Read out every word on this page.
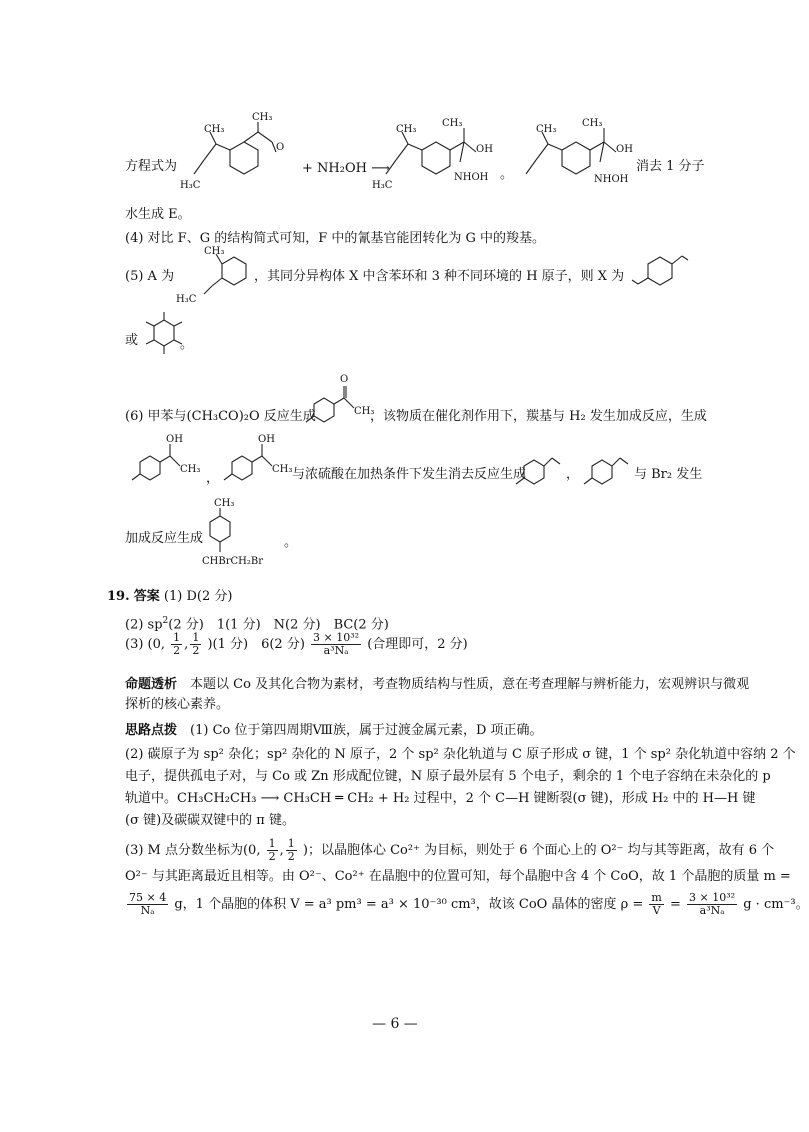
方程式为
CH₃
O
CH₃
H₃C
+ NH₂OH ⟶
CH₃
OH
NHOH
CH₃
H₃C
。
CH₃
OH
NHOH
CH₃
消去 1 分子
水生成 E。
(4) 对比 F、G 的结构简式可知，F 中的氰基官能团转化为 G 中的羧基。
(5) A 为
CH₃
H₃C
，其同分异构体 X 中含苯环和 3 种不同环境的 H 原子，则 X 为
或	。
(6) 甲苯与(CH₃CO)₂O 反应生成
O
CH₃
，该物质在催化剂作用下，羰基与 H₂ 发生加成反应，生成
OH
CH₃
，
OH
CH₃ 与浓硫酸在加热条件下发生消去反应生成	，	与 Br₂ 发生
加成反应生成
CH₃
CHBrCH₂Br
。
19. 答案 (1) D(2 分)
(2) $sp^2(2$ 分)　1(1 分)　N(2 分)　BC(2 分)
(3) (0, $\frac{1}{2}$ , $\frac{1}{2} )(1$ 分)　6(2 分) $\frac{\text{3 × 10³²}}{\text{a³Nₐ}}$ (合理即可，2 分)
命题透析　 本题以 Co 及其化合物为素材，考查物质结构与性质，意在考查理解与辨析能力，宏观辨识与微观
探析的核心素养。
思路点拨　 (1) Co 位于第四周期Ⅷ族，属于过渡金属元素，D 项正确。
(2) 碳原子为 sp² 杂化；sp² 杂化的 N 原子，2 个 sp² 杂化轨道与 C 原子形成 σ 键，1 个 sp² 杂化轨道中容纳 2 个
电子，提供孤电子对，与 Co 或 Zn 形成配位键，N 原子最外层有 5 个电子，剩余的 1 个电子容纳在未杂化的 p
轨道中。CH₃CH₂CH₃ ⟶ CH₃CH ═ CH₂ + H₂ 过程中，2 个 C—H 键断裂(σ 键)，形成 H₂ 中的 H—H 键
(σ 键)及碳碳双键中的 π 键。
(3) M 点分数坐标为(0, $\frac{1}{2}$ , $\frac{1}{2}$ )；以晶胞体心 Co²⁺ 为目标，则处于 6 个面心上的 O²⁻ 均与其等距离，故有 6 个
O²⁻ 与其距离最近且相等。由 O²⁻、Co²⁺ 在晶胞中的位置可知，每个晶胞中含 4 个 CoO，故 1 个晶胞的质量 m =
$\frac{75 \times 4}{\text{Nₐ}}$ g，1 个晶胞的体积 V = a³ pm³ = a³ × 10⁻³⁰ cm³，故该 CoO 晶体的密度 $\rho = \frac{m}{V} = \frac{\text{3 × 10³²}}{\text{a³Nₐ}}$ g · cm⁻³。
— 6 —
